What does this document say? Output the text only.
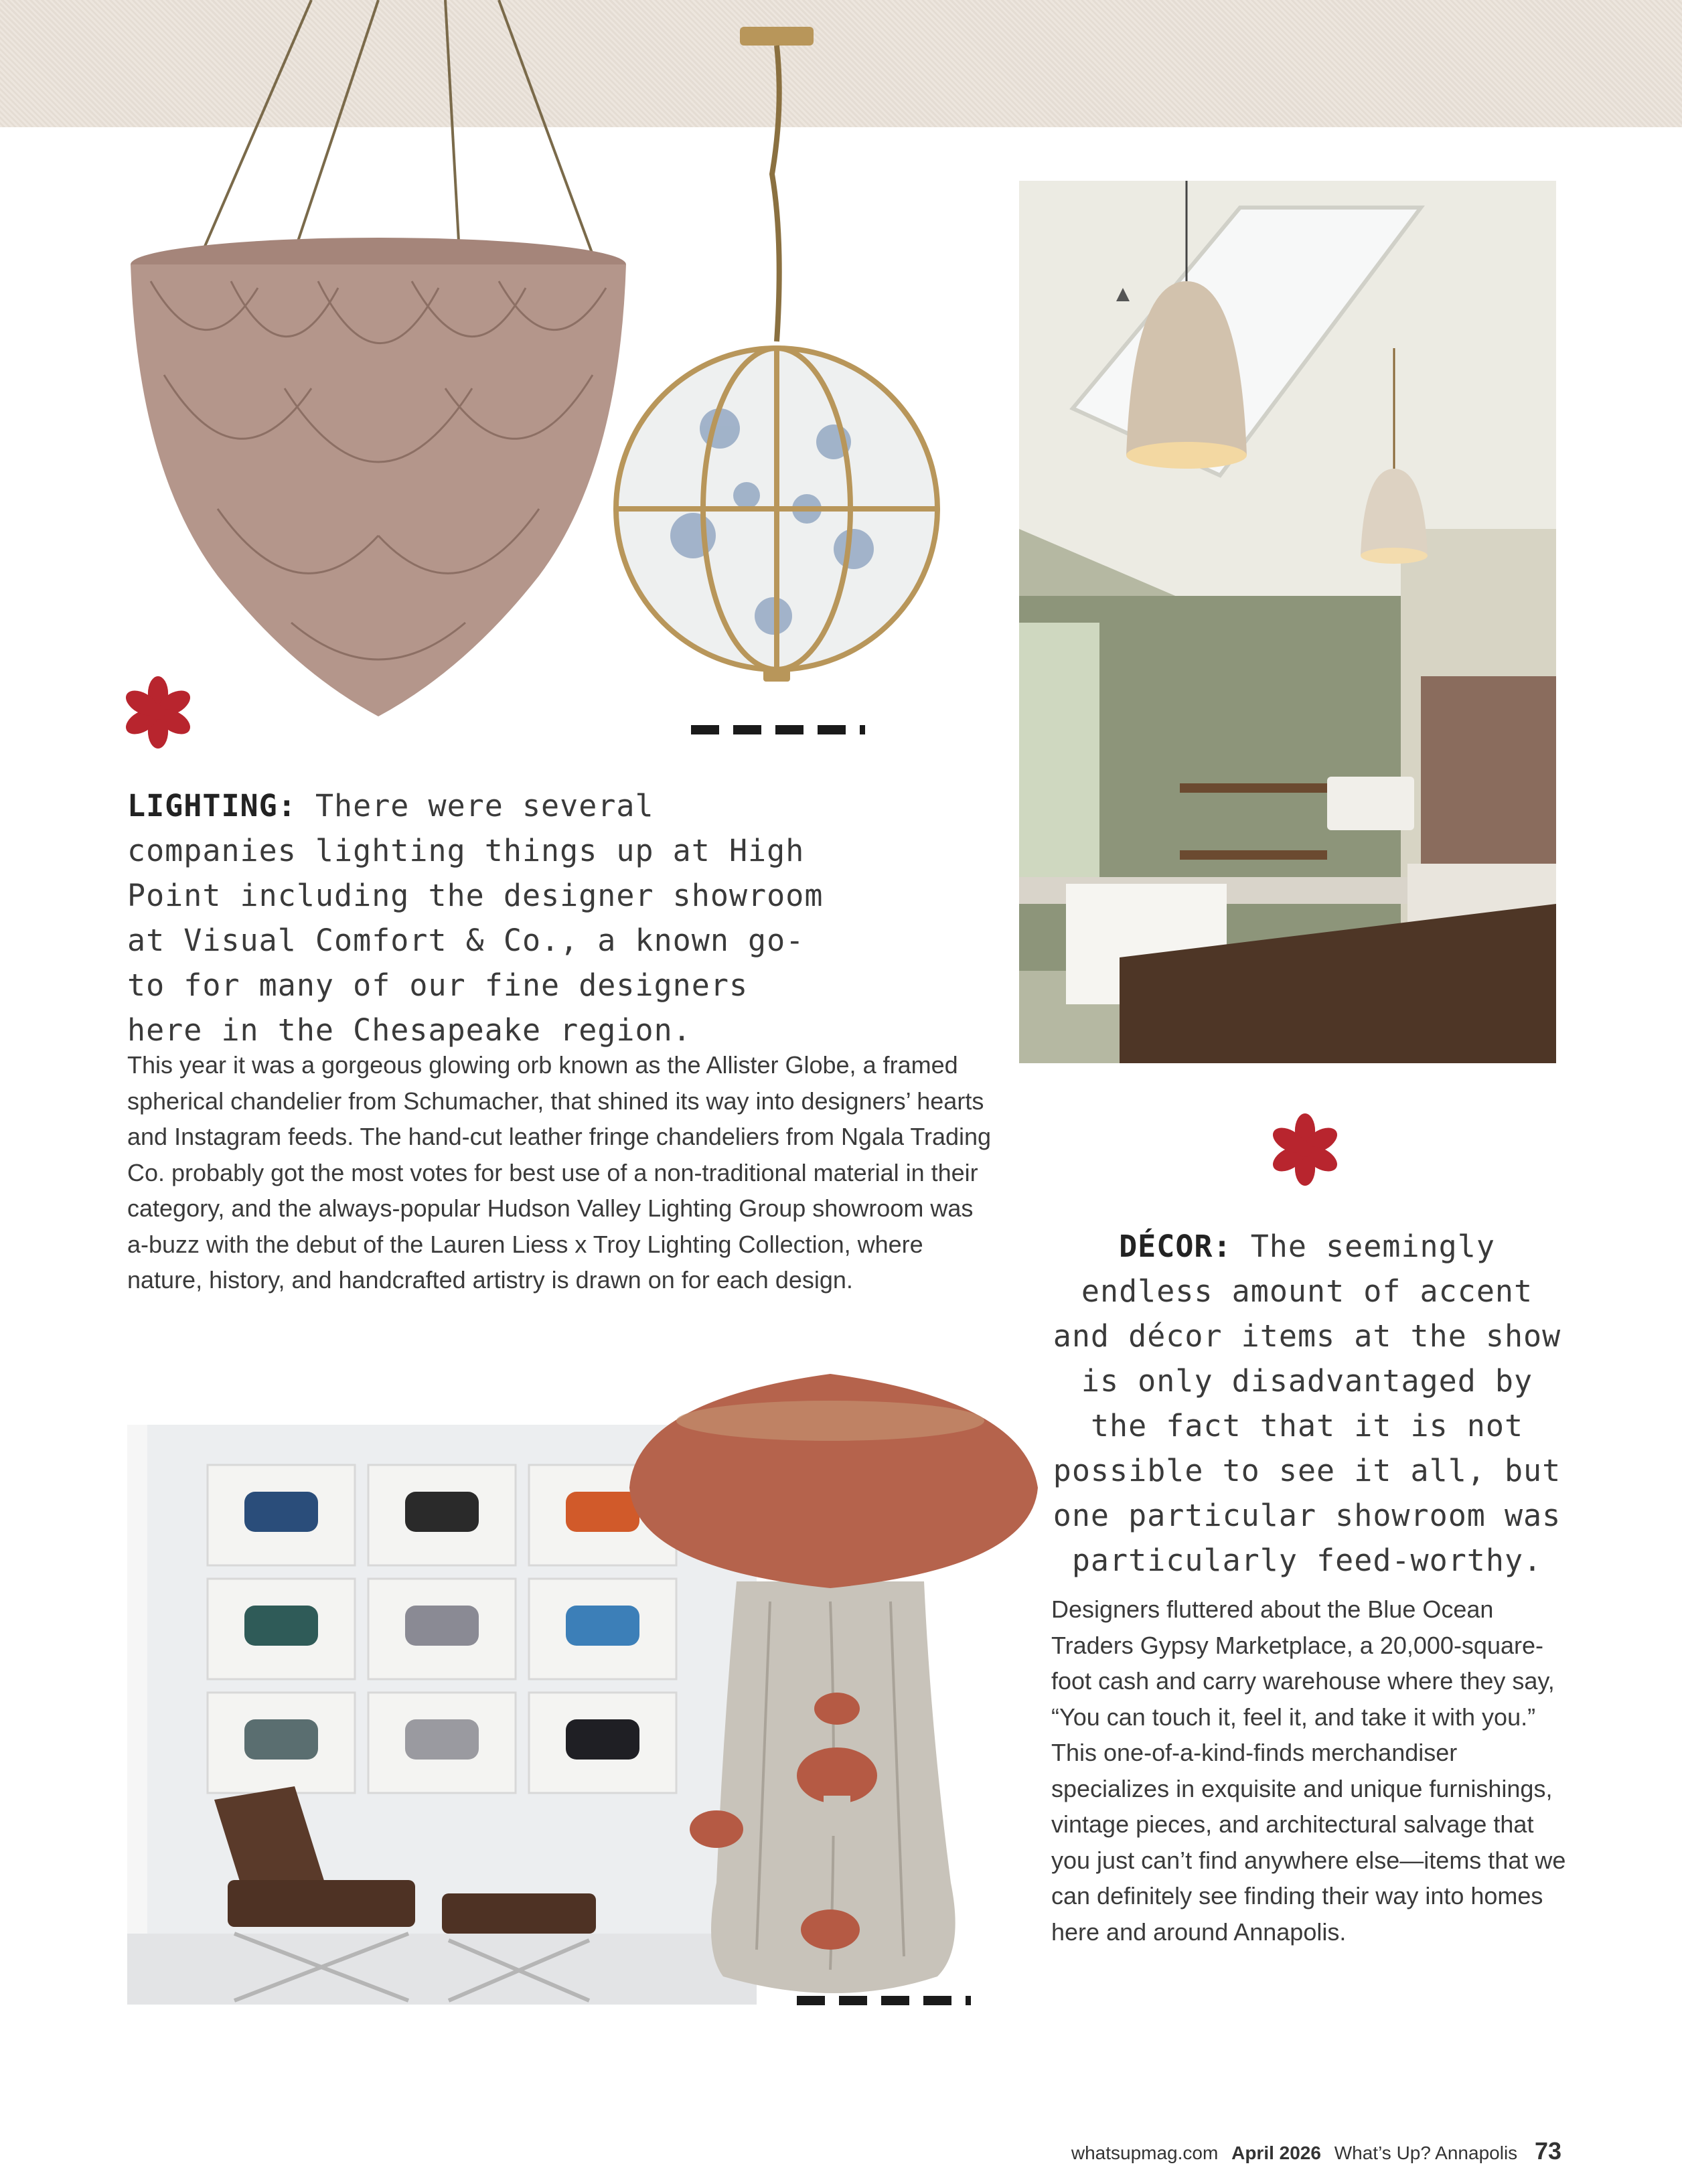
LIGHTING: There were several companies lighting things up at High Point including the designer showroom at Visual Comfort & Co., a known go-to for many of our fine designers here in the Chesapeake region.

This year it was a gorgeous glowing orb known as the Allister Globe, a framed spherical chandelier from Schumacher, that shined its way into designers’ hearts and Instagram feeds. The hand-cut leather fringe chandeliers from Ngala Trading Co. probably got the most votes for best use of a non-traditional material in their category, and the always-popular Hudson Valley Lighting Group showroom was a-buzz with the debut of the Lauren Liess x Troy Lighting Collection, where nature, history, and handcrafted artistry is drawn on for each design.

DÉCOR: The seemingly endless amount of accent and décor items at the show is only disadvantaged by the fact that it is not possible to see it all, but one particular showroom was particularly feed-worthy.

Designers fluttered about the Blue Ocean Traders Gypsy Marketplace, a 20,000-square-foot cash and carry warehouse where they say, “You can touch it, feel it, and take it with you.” This one-of-a-kind-finds merchandiser specializes in exquisite and unique furnishings, vintage pieces, and architectural salvage that you just can’t find anywhere else—items that we can definitely see finding their way into homes here and around Annapolis.

whatsupmag.com April 2026 What’s Up? Annapolis 73
